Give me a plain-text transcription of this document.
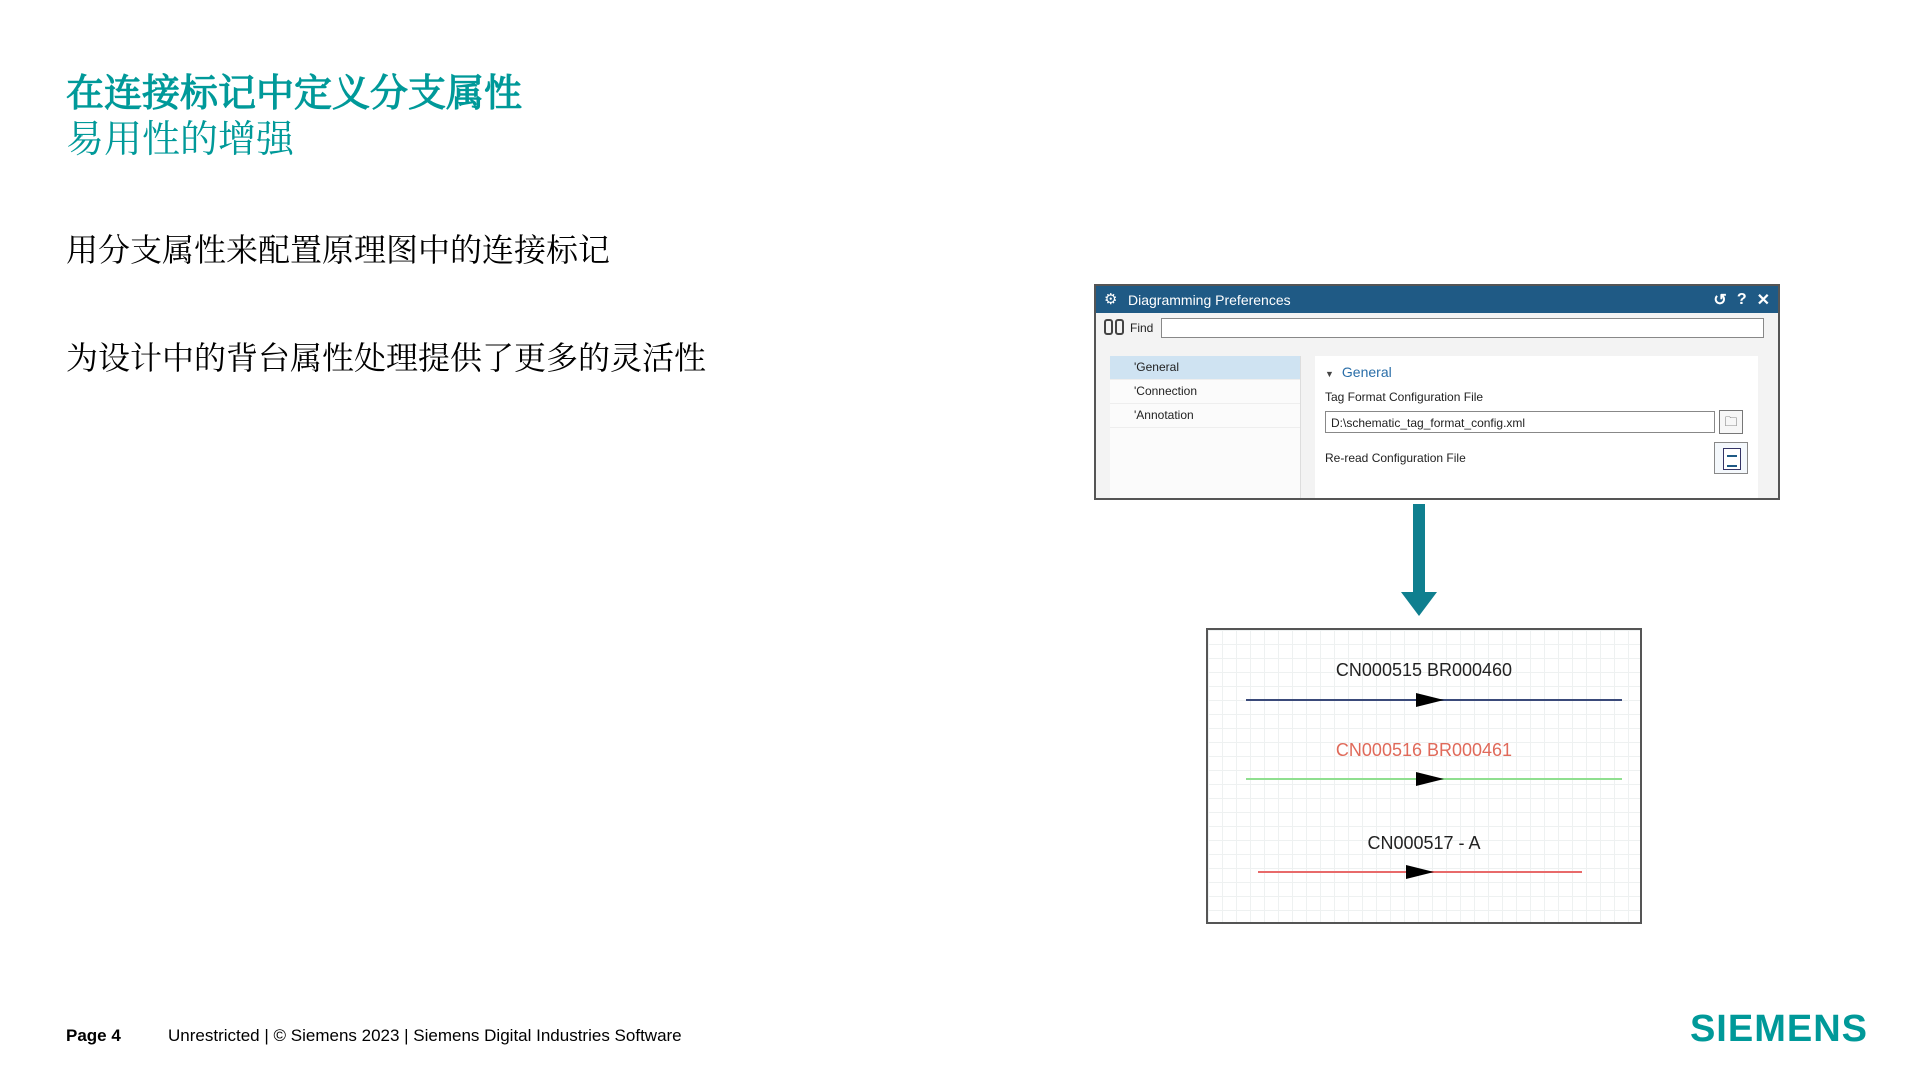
在连接标记中定义分支属性
易用性的增强
用分支属性来配置原理图中的连接标记
为设计中的背台属性处理提供了更多的灵活性
⚙ Diagramming Preferences	↺ ? ✕
Find
'General
'Connection
'Annotation
▼ General
Tag Format Configuration File
D:\schematic_tag_format_config.xml	🗀
Re-read Configuration File
CN000515 BR000460
CN000516 BR000461
CN000517 - A
Page 4	Unrestricted | © Siemens 2023 | Siemens Digital Industries Software	SIEMENS
